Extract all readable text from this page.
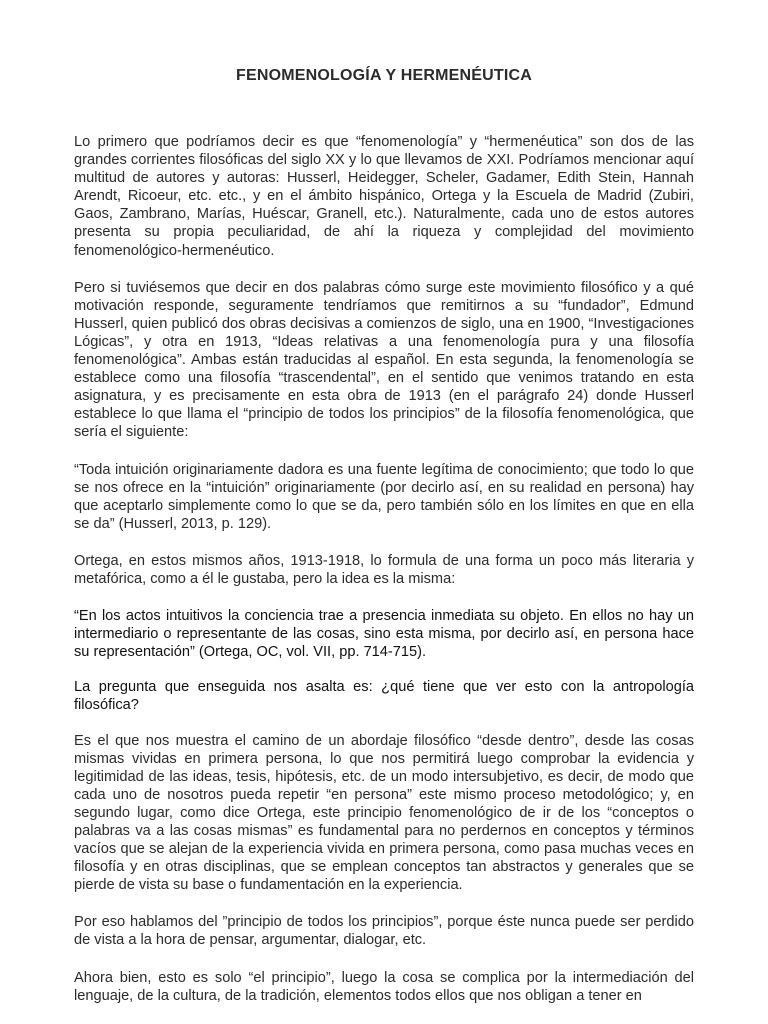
FENOMENOLOGÍA Y HERMENÉUTICA

Lo primero que podríamos decir es que “fenomenología” y “hermenéutica” son dos de las grandes corrientes filosóficas del siglo XX y lo que llevamos de XXI. Podríamos mencionar aquí multitud de autores y autoras: Husserl, Heidegger, Scheler, Gadamer, Edith Stein, Hannah Arendt, Ricoeur, etc. etc., y en el ámbito hispánico, Ortega y la Escuela de Madrid (Zubiri, Gaos, Zambrano, Marías, Huéscar, Granell, etc.). Naturalmente, cada uno de estos autores presenta su propia peculiaridad, de ahí la riqueza y complejidad del movimiento fenomenológico-hermenéutico.

Pero si tuviésemos que decir en dos palabras cómo surge este movimiento filosófico y a qué motivación responde, seguramente tendríamos que remitirnos a su “fundador”, Edmund Husserl, quien publicó dos obras decisivas a comienzos de siglo, una en 1900, “Investigaciones Lógicas”, y otra en 1913, “Ideas relativas a una fenomenología pura y una filosofía fenomenológica”. Ambas están traducidas al español. En esta segunda, la fenomenología se establece como una filosofía “trascendental”, en el sentido que venimos tratando en esta asignatura, y es precisamente en esta obra de 1913 (en el parágrafo 24) donde Husserl establece lo que llama el “principio de todos los principios” de la filosofía fenomenológica, que sería el siguiente:

“Toda intuición originariamente dadora es una fuente legítima de conocimiento; que todo lo que se nos ofrece en la “intuición” originariamente (por decirlo así, en su realidad en persona) hay que aceptarlo simplemente como lo que se da, pero también sólo en los límites en que en ella se da” (Husserl, 2013, p. 129).

Ortega, en estos mismos años, 1913-1918, lo formula de una forma un poco más literaria y metafórica, como a él le gustaba, pero la idea es la misma:

“En los actos intuitivos la conciencia trae a presencia inmediata su objeto. En ellos no hay un intermediario o representante de las cosas, sino esta misma, por decirlo así, en persona hace su representación” (Ortega, OC, vol. VII, pp. 714-715).

La pregunta que enseguida nos asalta es: ¿qué tiene que ver esto con la antropología filosófica?

Es el que nos muestra el camino de un abordaje filosófico “desde dentro”, desde las cosas mismas vividas en primera persona, lo que nos permitirá luego comprobar la evidencia y legitimidad de las ideas, tesis, hipótesis, etc. de un modo intersubjetivo, es decir, de modo que cada uno de nosotros pueda repetir “en persona” este mismo proceso metodológico; y, en segundo lugar, como dice Ortega, este principio fenomenológico de ir de los “conceptos o palabras va a las cosas mismas” es fundamental para no perdernos en conceptos y términos vacíos que se alejan de la experiencia vivida en primera persona, como pasa muchas veces en filosofía y en otras disciplinas, que se emplean conceptos tan abstractos y generales que se pierde de vista su base o fundamentación en la experiencia.

Por eso hablamos del ”principio de todos los principios”, porque éste nunca puede ser perdido de vista a la hora de pensar, argumentar, dialogar, etc.

Ahora bien, esto es solo “el principio”, luego la cosa se complica por la intermediación del lenguaje, de la cultura, de la tradición, elementos todos ellos que nos obligan a tener en
